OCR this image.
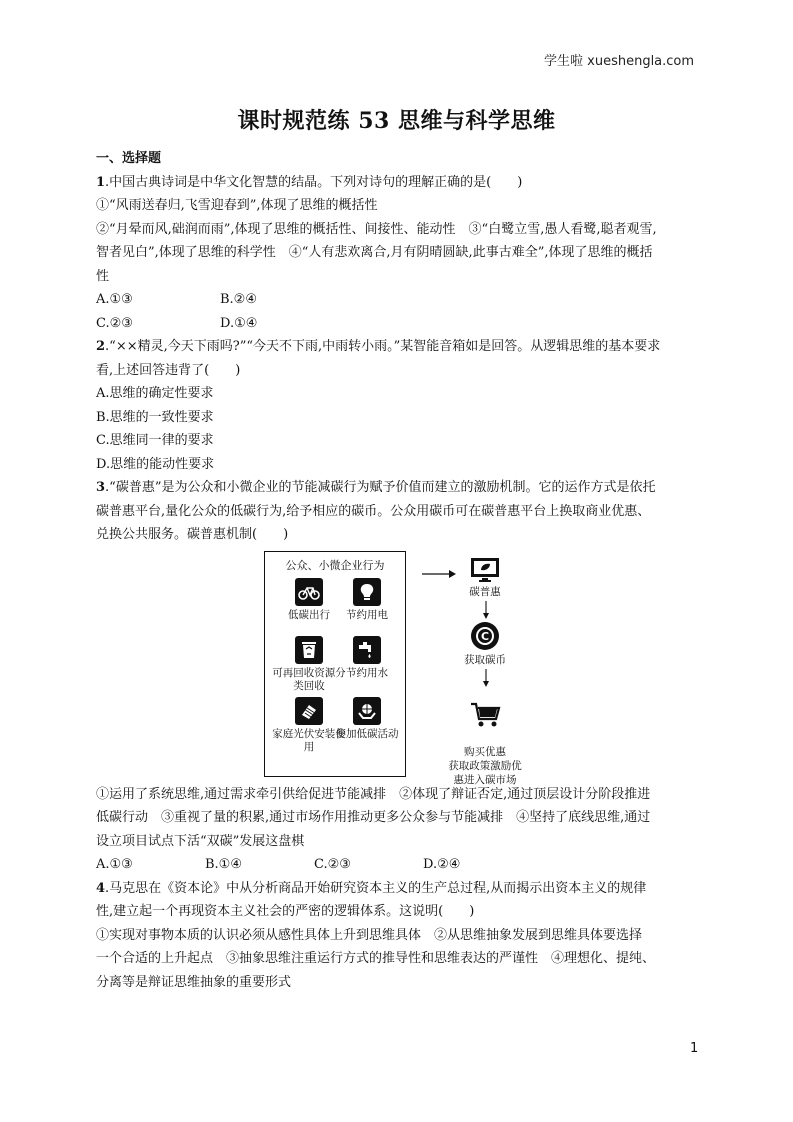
学生啦 xueshengla.com
课时规范练 53 思维与科学思维
一、选择题
1.中国古典诗词是中华文化智慧的结晶。下列对诗句的理解正确的是(　　)
①“风雨送春归,飞雪迎春到”,体现了思维的概括性
②“月晕而风,础润而雨”,体现了思维的概括性、间接性、能动性　③“白鹭立雪,愚人看鹭,聪者观雪,
智者见白”,体现了思维的科学性　④“人有悲欢离合,月有阴晴圆缺,此事古难全”,体现了思维的概括
性
A.①③	B.②④
C.②③	D.①④
2.“××精灵,今天下雨吗?”“今天不下雨,中雨转小雨。”某智能音箱如是回答。从逻辑思维的基本要求
看,上述回答违背了(　　)
A.思维的确定性要求
B.思维的一致性要求
C.思维同一律的要求
D.思维的能动性要求
3.“碳普惠”是为公众和小微企业的节能减碳行为赋予价值而建立的激励机制。它的运作方式是依托
碳普惠平台,量化公众的低碳行为,给予相应的碳币。公众用碳币可在碳普惠平台上换取商业优惠、
兑换公共服务。碳普惠机制(　　)
公众、小微企业行为
低碳出行	节约用电
可再回收资源分类回收
节约用水
家庭光伏安装使用
参加低碳活动
碳普惠
C
获取碳币

购买优惠
获取政策激励优
惠进入碳市场

①运用了系统思维,通过需求牵引供给促进节能减排　②体现了辩证否定,通过顶层设计分阶段推进
低碳行动　③重视了量的积累,通过市场作用推动更多公众参与节能减排　④坚持了底线思维,通过
设立项目试点下活“双碳”发展这盘棋
A.①③	B.①④	C.②③	D.②④
4.马克思在《资本论》中从分析商品开始研究资本主义的生产总过程,从而揭示出资本主义的规律
性,建立起一个再现资本主义社会的严密的逻辑体系。这说明(　　)
①实现对事物本质的认识必须从感性具体上升到思维具体　②从思维抽象发展到思维具体要选择
一个合适的上升起点　③抽象思维注重运行方式的推导性和思维表达的严谨性　④理想化、提纯、
分离等是辩证思维抽象的重要形式
1
